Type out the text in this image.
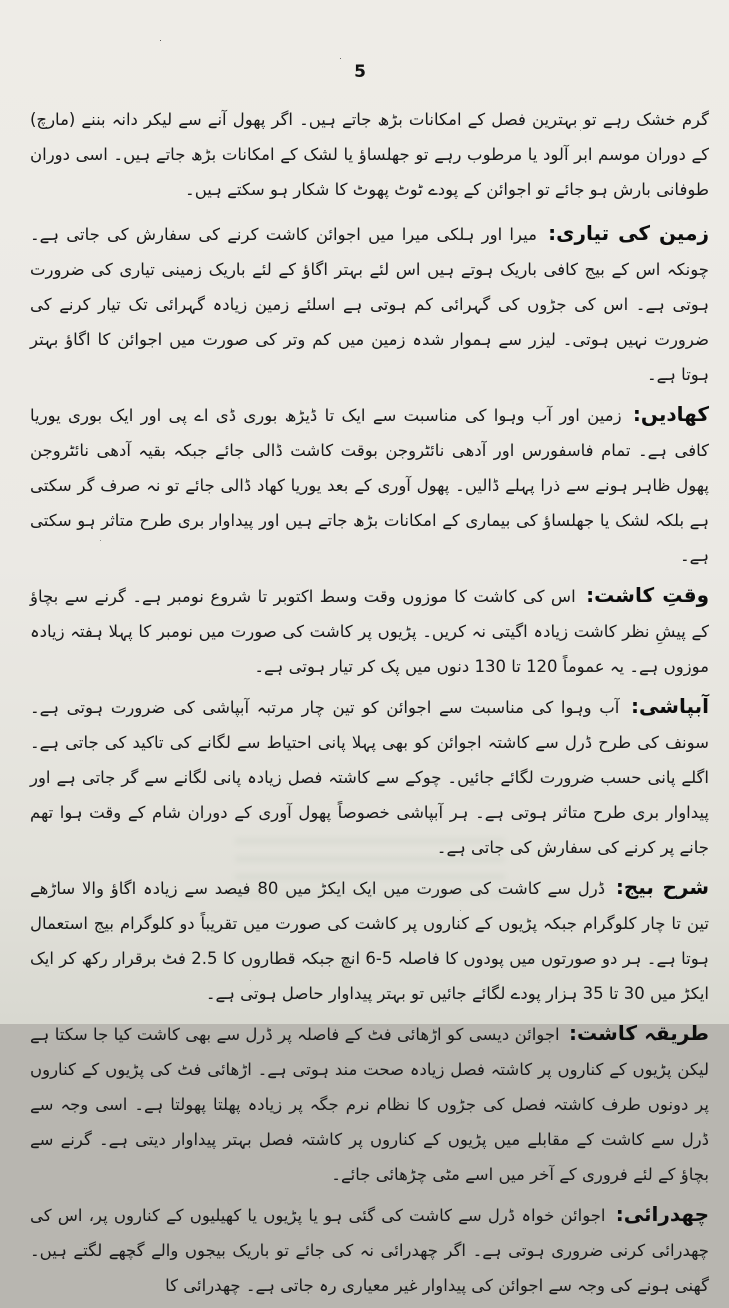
5

گرم خشک رہے تو بہترین فصل کے امکانات بڑھ جاتے ہیں۔ اگر پھول آنے سے لیکر دانہ بننے (مارچ) کے دوران موسم ابر آلود یا مرطوب رہے تو جھلساؤ یا لشک کے امکانات بڑھ جاتے ہیں۔ اسی دوران طوفانی بارش ہو جائے تو اجوائن کے پودے ٹوٹ پھوٹ کا شکار ہو سکتے ہیں۔

زمین کی تیاری: میرا اور ہلکی میرا میں اجوائن کاشت کرنے کی سفارش کی جاتی ہے۔ چونکہ اس کے بیج کافی باریک ہوتے ہیں اس لئے بہتر اگاؤ کے لئے باریک زمینی تیاری کی ضرورت ہوتی ہے۔ اس کی جڑوں کی گہرائی کم ہوتی ہے اسلئے زمین زیادہ گہرائی تک تیار کرنے کی ضرورت نہیں ہوتی۔ لیزر سے ہموار شدہ زمین میں کم وتر کی صورت میں اجوائن کا اگاؤ بہتر ہوتا ہے۔

کھادیں: زمین اور آب وہوا کی مناسبت سے ایک تا ڈیڑھ بوری ڈی اے پی اور ایک بوری یوریا کافی ہے۔ تمام فاسفورس اور آدھی نائٹروجن بوقت کاشت ڈالی جائے جبکہ بقیہ آدھی نائٹروجن پھول ظاہر ہونے سے ذرا پہلے ڈالیں۔ پھول آوری کے بعد یوریا کھاد ڈالی جائے تو نہ صرف گر سکتی ہے بلکہ لشک یا جھلساؤ کی بیماری کے امکانات بڑھ جاتے ہیں اور پیداوار بری طرح متاثر ہو سکتی ہے۔

وقتِ کاشت: اس کی کاشت کا موزوں وقت وسط اکتوبر تا شروع نومبر ہے۔ گرنے سے بچاؤ کے پیشِ نظر کاشت زیادہ اگیتی نہ کریں۔ پڑیوں پر کاشت کی صورت میں نومبر کا پہلا ہفتہ زیادہ موزوں ہے۔ یہ عموماً 120 تا 130 دنوں میں پک کر تیار ہوتی ہے۔

آبپاشی: آب وہوا کی مناسبت سے اجوائن کو تین چار مرتبہ آبپاشی کی ضرورت ہوتی ہے۔ سونف کی طرح ڈرل سے کاشتہ اجوائن کو بھی پہلا پانی احتیاط سے لگانے کی تاکید کی جاتی ہے۔ اگلے پانی حسب ضرورت لگائے جائیں۔ چوکے سے کاشتہ فصل زیادہ پانی لگانے سے گر جاتی ہے اور پیداوار بری طرح متاثر ہوتی ہے۔ ہر آبپاشی خصوصاً پھول آوری کے دوران شام کے وقت ہوا تھم جانے پر کرنے کی سفارش کی جاتی ہے۔

شرح بیج: ڈرل سے کاشت کی صورت میں ایک ایکڑ میں 80 فیصد سے زیادہ اگاؤ والا ساڑھے تین تا چار کلوگرام جبکہ پڑیوں کے کناروں پر کاشت کی صورت میں تقریباً دو کلوگرام بیج استعمال ہوتا ہے۔ ہر دو صورتوں میں پودوں کا فاصلہ 5-6 انچ جبکہ قطاروں کا 2.5 فٹ برقرار رکھ کر ایک ایکڑ میں 30 تا 35 ہزار پودے لگائے جائیں تو بہتر پیداوار حاصل ہوتی ہے۔

طریقہ کاشت: اجوائن دیسی کو اڑھائی فٹ کے فاصلہ پر ڈرل سے بھی کاشت کیا جا سکتا ہے لیکن پڑیوں کے کناروں پر کاشتہ فصل زیادہ صحت مند ہوتی ہے۔ اڑھائی فٹ کی پڑیوں کے کناروں پر دونوں طرف کاشتہ فصل کی جڑوں کا نظام نرم جگہ پر زیادہ پھلتا پھولتا ہے۔ اسی وجہ سے ڈرل سے کاشت کے مقابلے میں پڑیوں کے کناروں پر کاشتہ فصل بہتر پیداوار دیتی ہے۔ گرنے سے بچاؤ کے لئے فروری کے آخر میں اسے مٹی چڑھائی جائے۔

چھدرائی: اجوائن خواہ ڈرل سے کاشت کی گئی ہو یا پڑیوں یا کھیلیوں کے کناروں پر، اس کی چھدرائی کرنی ضروری ہوتی ہے۔ اگر چھدرائی نہ کی جائے تو باریک بیجوں والے گچھے لگتے ہیں۔ گھنی ہونے کی وجہ سے اجوائن کی پیداوار غیر معیاری رہ جاتی ہے۔ چھدرائی کا
